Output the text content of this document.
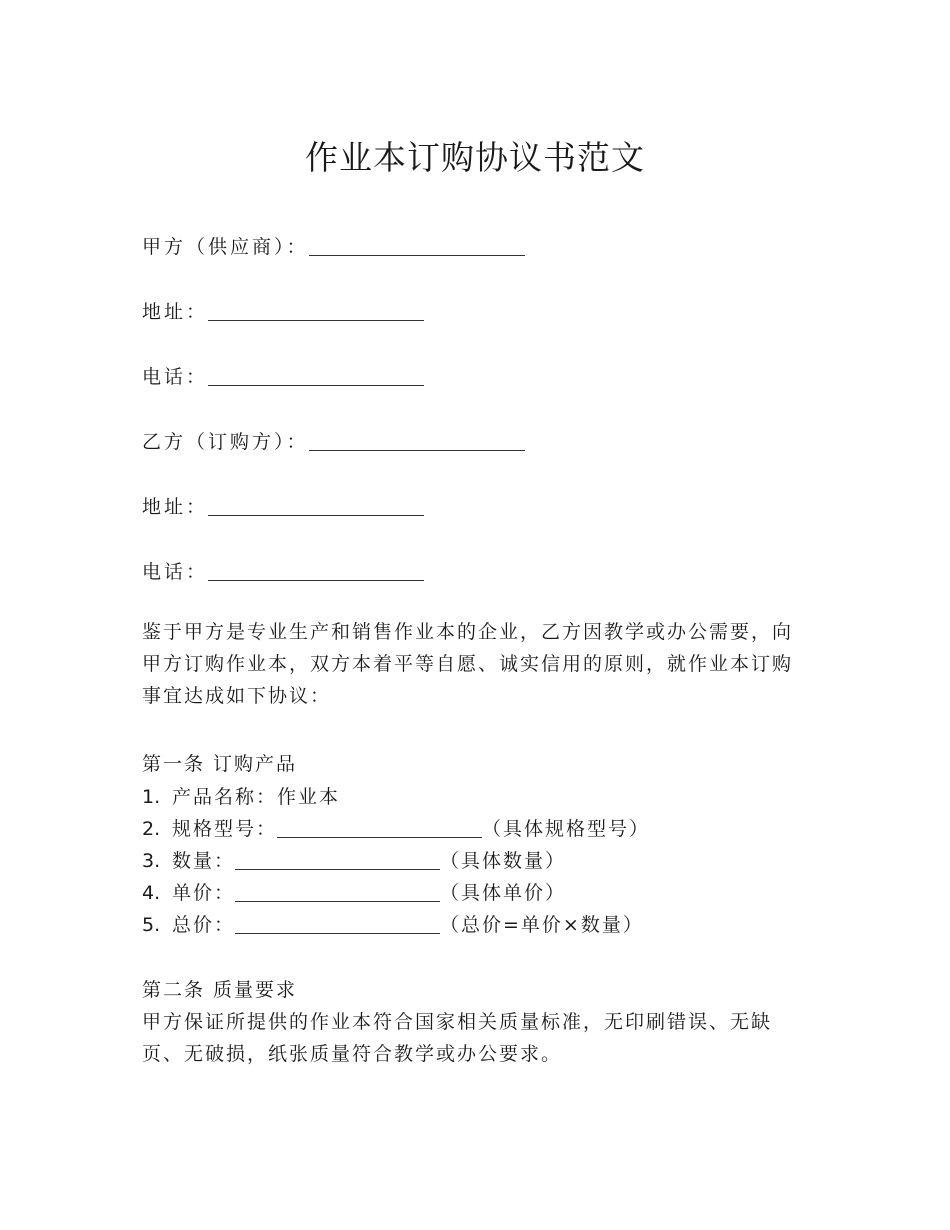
作业本订购协议书范文
甲方（供应商）：
地址：
电话：
乙方（订购方）：
地址：
电话：
鉴于甲方是专业生产和销售作业本的企业，乙方因教学或办公需要，向甲方订购作业本，双方本着平等自愿、诚实信用的原则，就作业本订购事宜达成如下协议：
第一条 订购产品
1. 产品名称：作业本
2. 规格型号：	（具体规格型号）
3. 数量：	（具体数量）
4. 单价：	（具体单价）
5. 总价：	（总价=单价×数量）
第二条 质量要求
甲方保证所提供的作业本符合国家相关质量标准，无印刷错误、无缺页、无破损，纸张质量符合教学或办公要求。
